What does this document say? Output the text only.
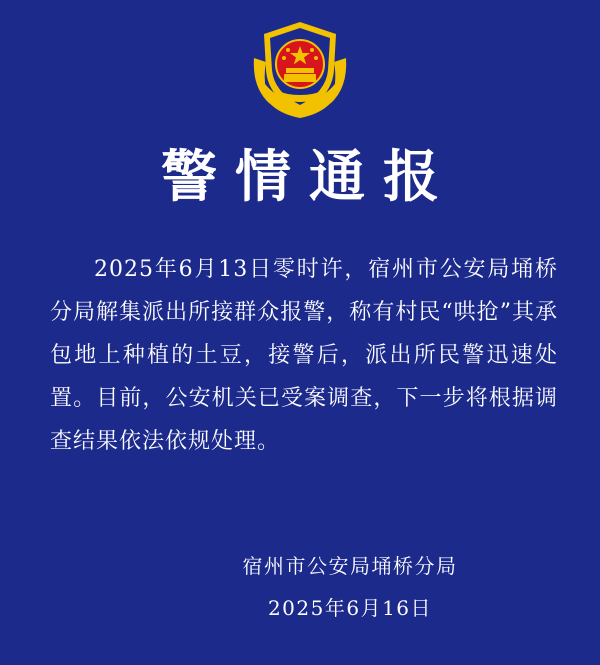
警情通报

2025年6月13日零时许，宿州市公安局埇桥分局解集派出所接群众报警，称有村民“哄抢”其承包地上种植的土豆，接警后，派出所民警迅速处置。目前，公安机关已受案调查，下一步将根据调查结果依法依规处理。

宿州市公安局埇桥分局
2025年6月16日
